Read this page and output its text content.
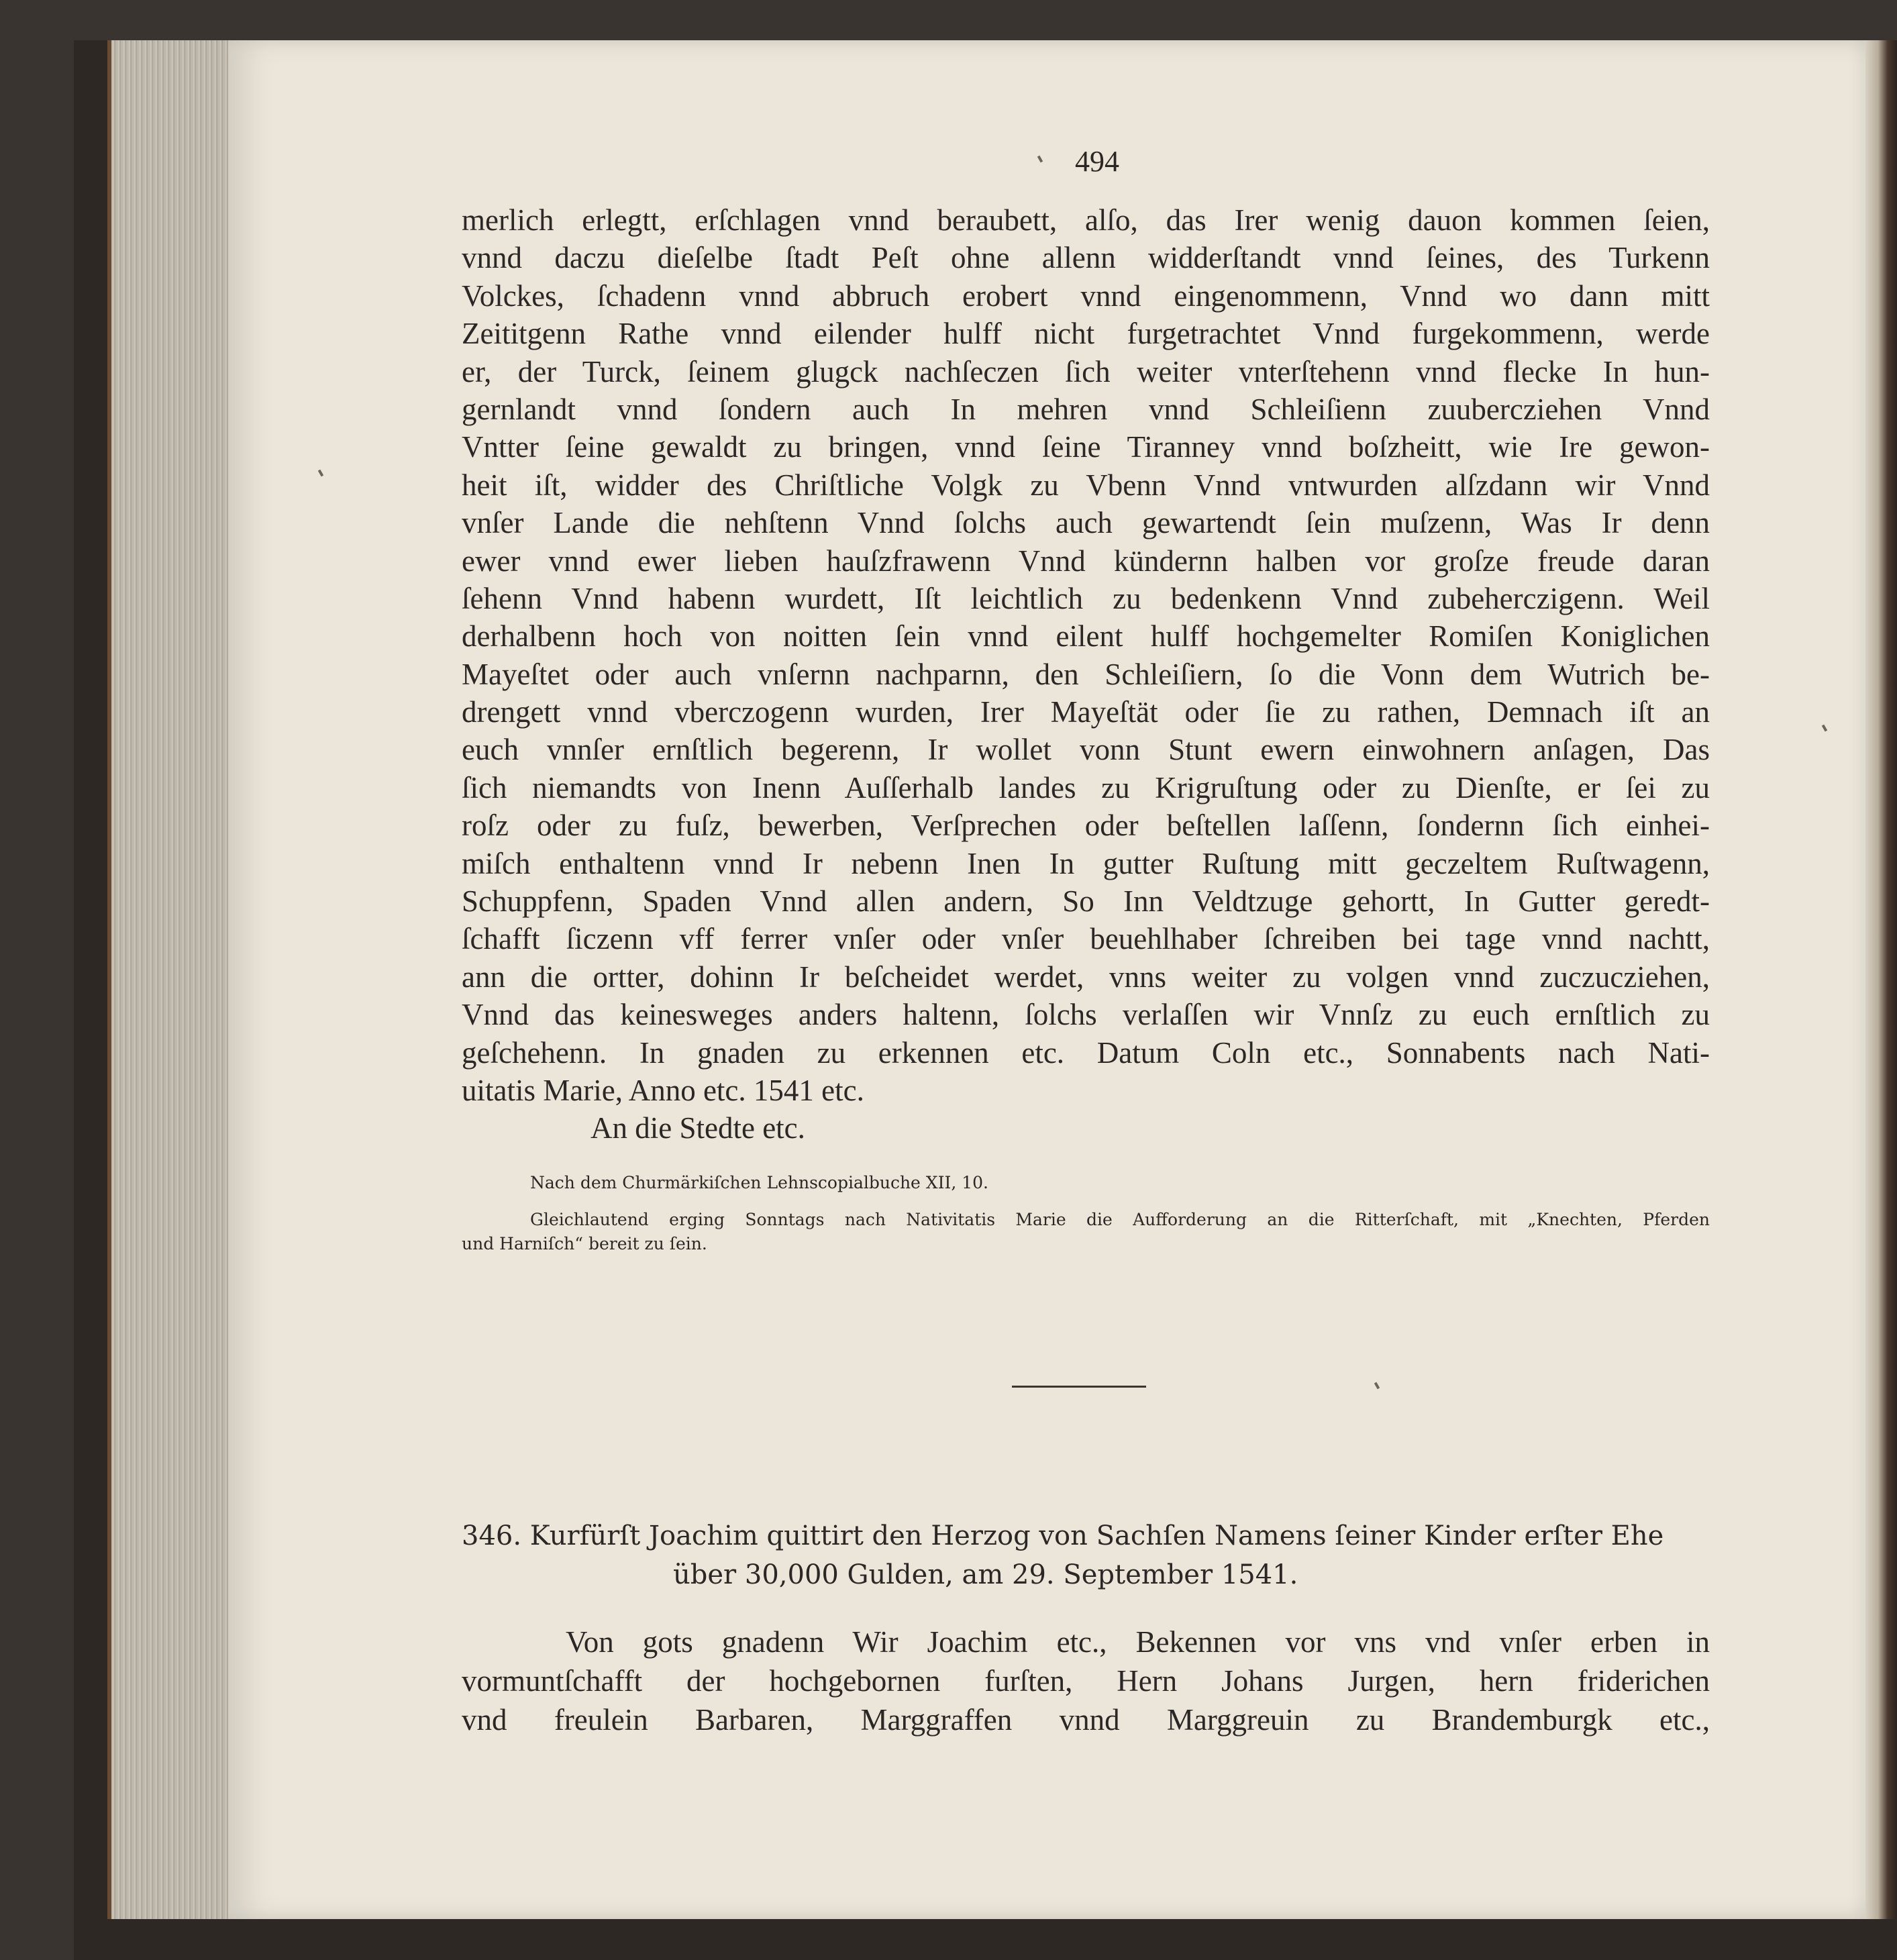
494
merlich erlegtt, erſchlagen vnnd beraubett, alſo, das Irer wenig dauon kommen ſeien,
vnnd daczu dieſelbe ſtadt Peſt ohne allenn widderſtandt vnnd ſeines, des Turkenn
Volckes, ſchadenn vnnd abbruch erobert vnnd eingenommenn, Vnnd wo dann mitt
Zeititgenn Rathe vnnd eilender hulff nicht furgetrachtet Vnnd furgekommenn, werde
er, der Turck, ſeinem glugck nachſeczen ſich weiter vnterſtehenn vnnd flecke In hun-
gernlandt vnnd ſondern auch In mehren vnnd Schleiſienn zuuberczіehen Vnnd
Vntter ſeine gewaldt zu bringen, vnnd ſeine Tiranney vnnd boſzheitt, wie Ire gewon-
heit iſt, widder des Chriſtliche Volgk zu Vbenn Vnnd vntwurden alſzdann wir Vnnd
vnſer Lande die nehſtenn Vnnd ſolchs auch gewartendt ſein muſzenn, Was Ir denn
ewer vnnd ewer lieben hauſzfrawenn Vnnd kündernn halben vor groſze freude daran
ſehenn Vnnd habenn wurdett, Iſt leichtlich zu bedenkenn Vnnd zubeherczigenn. Weil
derhalbenn hoch von noitten ſein vnnd eilent hulff hochgemelter Romiſen Koniglichen
Mayeſtet oder auch vnſernn nachparnn, den Schleiſiern, ſo die Vonn dem Wutrich be-
drengett vnnd vberczogenn wurden, Irer Mayeſtät oder ſie zu rathen, Demnach iſt an
euch vnnſer ernſtlich begerenn, Ir wollet vonn Stunt ewern einwohnern anſagen, Das
ſich niemandts von Inenn Auſſerhalb landes zu Krigruſtung oder zu Dienſte, er ſei zu
roſz oder zu fuſz, bewerben, Verſprechen oder beſtellen laſſenn, ſondernn ſich einhei-
miſch enthaltenn vnnd Ir nebenn Inen In gutter Ruſtung mitt geczeltem Ruſtwagenn,
Schuppfenn, Spaden Vnnd allen andern, So Inn Veldtzuge gehortt, In Gutter geredt-
ſchafft ſiczenn vff ferrer vnſer oder vnſer beuehlhaber ſchreiben bei tage vnnd nachtt,
ann die ortter, dohinn Ir beſcheidet werdet, vnns weiter zu volgen vnnd zuczucziehen,
Vnnd das keinesweges anders haltenn, ſolchs verlaſſen wir Vnnſz zu euch ernſtlich zu
geſchehenn. In gnaden zu erkennen etc. Datum Coln etc., Sonnabents nach Nati-
uitatis Marie, Anno etc. 1541 etc.
An die Stedte etc.
Nach dem Churmärkiſchen Lehnscopialbuche XII, 10.
Gleichlautend erging Sonntags nach Nativitatis Marie die Aufforderung an die Ritterſchaft, mit „Knechten, Pferden
und Harniſch“ bereit zu ſein.
346. Kurfürſt Joachim quittirt den Herzog von Sachſen Namens ſeiner Kinder erſter Ehe
über 30,000 Gulden, am 29. September 1541.
Von gots gnadenn Wir Joachim etc., Bekennen vor vns vnd vnſer erben in
vormuntſchafft der hochgebornen furſten, Hern Johans Jurgen, hern friderichen
vnd freulein Barbaren, Marggraffen vnnd Marggreuin zu Brandemburgk etc.,
